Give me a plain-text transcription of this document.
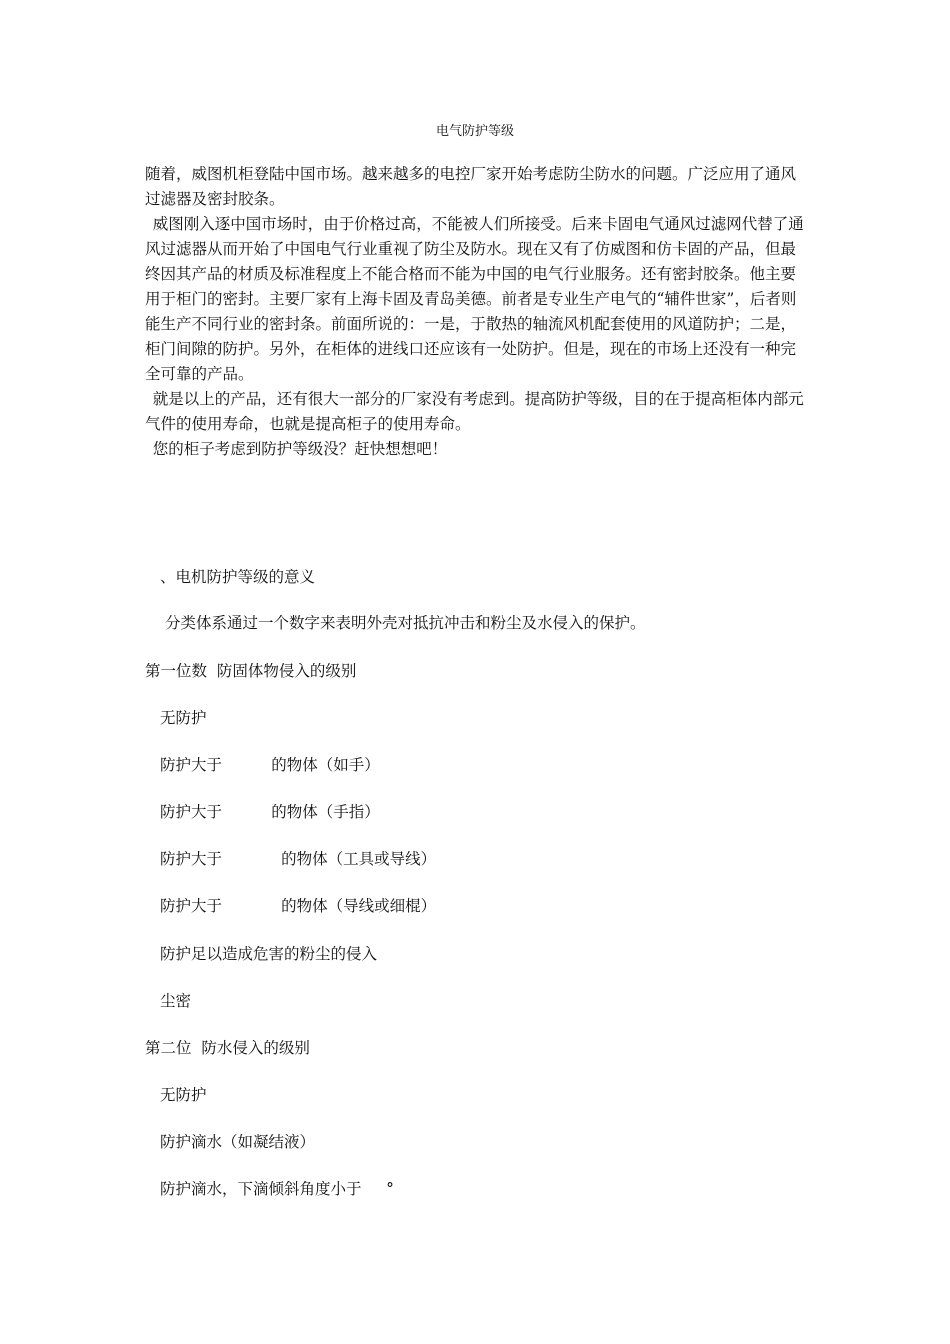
电气防护等级

随着，威图机柜登陆中国市场。越来越多的电控厂家开始考虑防尘防水的问题。广泛应用了通风过滤器及密封胶条。

威图刚入逐中国市场时，由于价格过高，不能被人们所接受。后来卡固电气通风过滤网代替了通风过滤器从而开始了中国电气行业重视了防尘及防水。现在又有了仿威图和仿卡固的产品，但最终因其产品的材质及标准程度上不能合格而不能为中国的电气行业服务。还有密封胶条。他主要用于柜门的密封。主要厂家有上海卡固及青岛美德。前者是专业生产电气的“辅件世家”，后者则能生产不同行业的密封条。前面所说的：一是，于散热的轴流风机配套使用的风道防护；二是，柜门间隙的防护。另外，在柜体的进线口还应该有一处防护。但是，现在的市场上还没有一种完全可靠的产品。

就是以上的产品，还有很大一部分的厂家没有考虑到。提高防护等级，目的在于提高柜体内部元气件的使用寿命，也就是提高柜子的使用寿命。

您的柜子考虑到防护等级没？赶快想想吧！

、电机防护等级的意义
分类体系通过一个数字来表明外壳对抵抗冲击和粉尘及水侵入的保护。
第一位数  防固体物侵入的级别
无防护
防护大于          的物体（如手）
防护大于          的物体（手指）
防护大于            的物体（工具或导线）
防护大于            的物体（导线或细棍）
防护足以造成危害的粉尘的侵入
尘密
第二位  防水侵入的级别
无防护
防护滴水（如凝结液）
防护滴水，下滴倾斜角度小于     °
